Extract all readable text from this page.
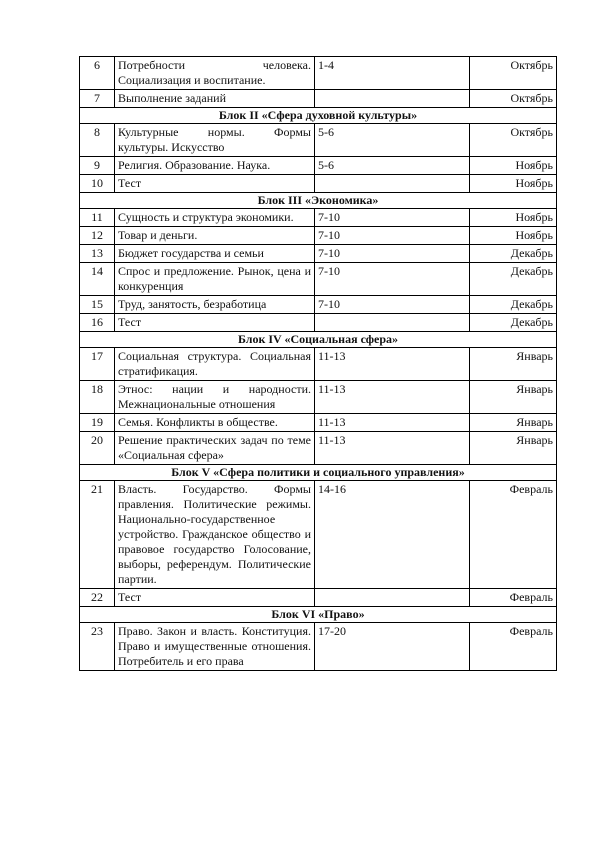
6	Потребности человека. Социализация и воспитание.	1-4	Октябрь
7	Выполнение заданий		Октябрь
Блок II «Сфера духовной культуры»			
8	Культурные нормы. Формы культуры. Искусство	5-6	Октябрь
9	Религия. Образование. Наука.	5-6	Ноябрь
10	Тест		Ноябрь
Блок III «Экономика»			
11	Сущность и структура экономики.	7-10	Ноябрь
12	Товар и деньги.	7-10	Ноябрь
13	Бюджет государства и семьи	7-10	Декабрь
14	Спрос и предложение. Рынок, цена и конкуренция	7-10	Декабрь
15	Труд, занятость, безработица	7-10	Декабрь
16	Тест		Декабрь
Блок IV «Социальная сфера»			
17	Социальная структура. Социальная стратификация.	11-13	Январь
18	Этнос: нации и народности. Межнациональные отношения	11-13	Январь
19	Семья. Конфликты в обществе.	11-13	Январь
20	Решение практических задач по теме «Социальная сфера»	11-13	Январь
Блок V «Сфера политики и социального управления»			
21	Власть. Государство. Формы правления. Политические режимы. Национально-государственное устройство. Гражданское общество и правовое государство Голосование, выборы, референдум. Политические партии.	14-16	Февраль
22	Тест		Февраль
Блок VI «Право»			
23	Право. Закон и власть. Конституция. Право и имущественные отношения. Потребитель и его права	17-20	Февраль
